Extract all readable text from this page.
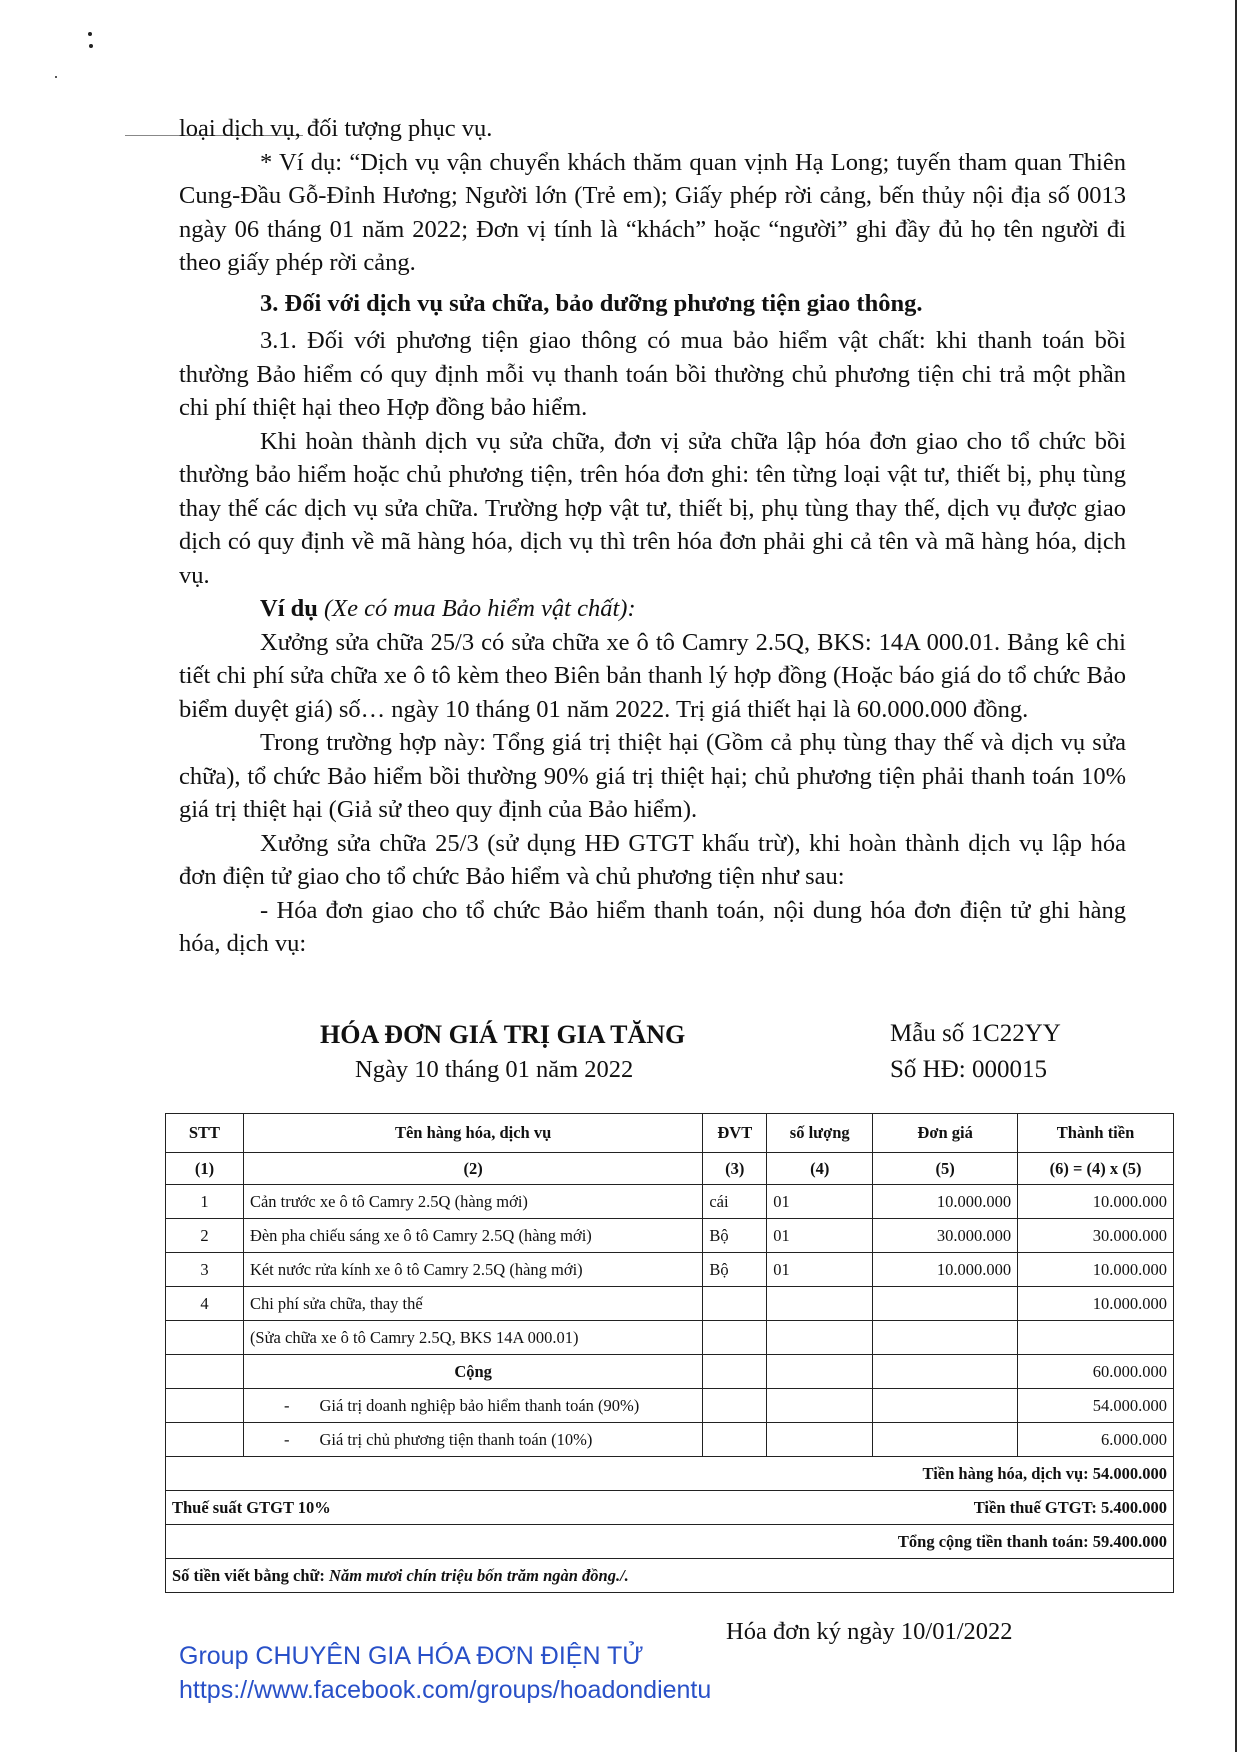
loại dịch vụ, đối tượng phục vụ.

* Ví dụ: “Dịch vụ vận chuyển khách thăm quan vịnh Hạ Long; tuyến tham quan Thiên Cung-Đầu Gỗ-Đỉnh Hương; Người lớn (Trẻ em); Giấy phép rời cảng, bến thủy nội địa số 0013 ngày 06 tháng 01 năm 2022; Đơn vị tính là “khách” hoặc “người” ghi đầy đủ họ tên người đi theo giấy phép rời cảng.

3. Đối với dịch vụ sửa chữa, bảo dưỡng phương tiện giao thông.

3.1. Đối với phương tiện giao thông có mua bảo hiểm vật chất: khi thanh toán bồi thường Bảo hiểm có quy định mỗi vụ thanh toán bồi thường chủ phương tiện chi trả một phần chi phí thiệt hại theo Hợp đồng bảo hiểm.

Khi hoàn thành dịch vụ sửa chữa, đơn vị sửa chữa lập hóa đơn giao cho tổ chức bồi thường bảo hiểm hoặc chủ phương tiện, trên hóa đơn ghi: tên từng loại vật tư, thiết bị, phụ tùng thay thế các dịch vụ sửa chữa. Trường hợp vật tư, thiết bị, phụ tùng thay thế, dịch vụ được giao dịch có quy định về mã hàng hóa, dịch vụ thì trên hóa đơn phải ghi cả tên và mã hàng hóa, dịch vụ.

Ví dụ (Xe có mua Bảo hiểm vật chất):

Xưởng sửa chữa 25/3 có sửa chữa xe ô tô Camry 2.5Q, BKS: 14A 000.01. Bảng kê chi tiết chi phí sửa chữa xe ô tô kèm theo Biên bản thanh lý hợp đồng (Hoặc báo giá do tổ chức Bảo biểm duyệt giá) số… ngày 10 tháng 01 năm 2022. Trị giá thiết hại là 60.000.000 đồng.

Trong trường hợp này: Tổng giá trị thiệt hại (Gồm cả phụ tùng thay thế và dịch vụ sửa chữa), tổ chức Bảo hiểm bồi thường 90% giá trị thiệt hại; chủ phương tiện phải thanh toán 10% giá trị thiệt hại (Giả sử theo quy định của Bảo hiểm).

Xưởng sửa chữa 25/3 (sử dụng HĐ GTGT khấu trừ), khi hoàn thành dịch vụ lập hóa đơn điện tử giao cho tổ chức Bảo hiểm và chủ phương tiện như sau:

- Hóa đơn giao cho tổ chức Bảo hiểm thanh toán, nội dung hóa đơn điện tử ghi hàng hóa, dịch vụ:

HÓA ĐƠN GIÁ TRỊ GIA TĂNG
Ngày 10 tháng 01 năm 2022
Mẫu số 1C22YY
Số HĐ: 000015
STT	Tên hàng hóa, dịch vụ	ĐVT	số lượng	Đơn giá	Thành tiền
(1)	(2)	(3)	(4)	(5)	(6) = (4) x (5)
1	Cản trước xe ô tô Camry 2.5Q (hàng mới)	cái	01	10.000.000	10.000.000
2	Đèn pha chiếu sáng xe ô tô Camry 2.5Q (hàng mới)	Bộ	01	30.000.000	30.000.000
3	Két nước rửa kính xe ô tô Camry 2.5Q (hàng mới)	Bộ	01	10.000.000	10.000.000
4	Chi phí sửa chữa, thay thế				10.000.000
	(Sửa chữa xe ô tô Camry 2.5Q, BKS 14A 000.01)				
	Cộng				60.000.000
	- Giá trị doanh nghiệp bảo hiểm thanh toán (90%)				54.000.000
	- Giá trị chủ phương tiện thanh toán (10%)				6.000.000
Tiền hàng hóa, dịch vụ: 54.000.000					
Thuế suất GTGT 10%			Tiền thuế GTGT: 5.400.000		
Tổng cộng tiền thanh toán: 59.400.000					
Số tiền viết bằng chữ: Năm mươi chín triệu bốn trăm ngàn đồng./.					
Hóa đơn ký ngày 10/01/2022
Group CHUYÊN GIA HÓA ĐƠN ĐIỆN TỬ
https://www.facebook.com/groups/hoadondientu
